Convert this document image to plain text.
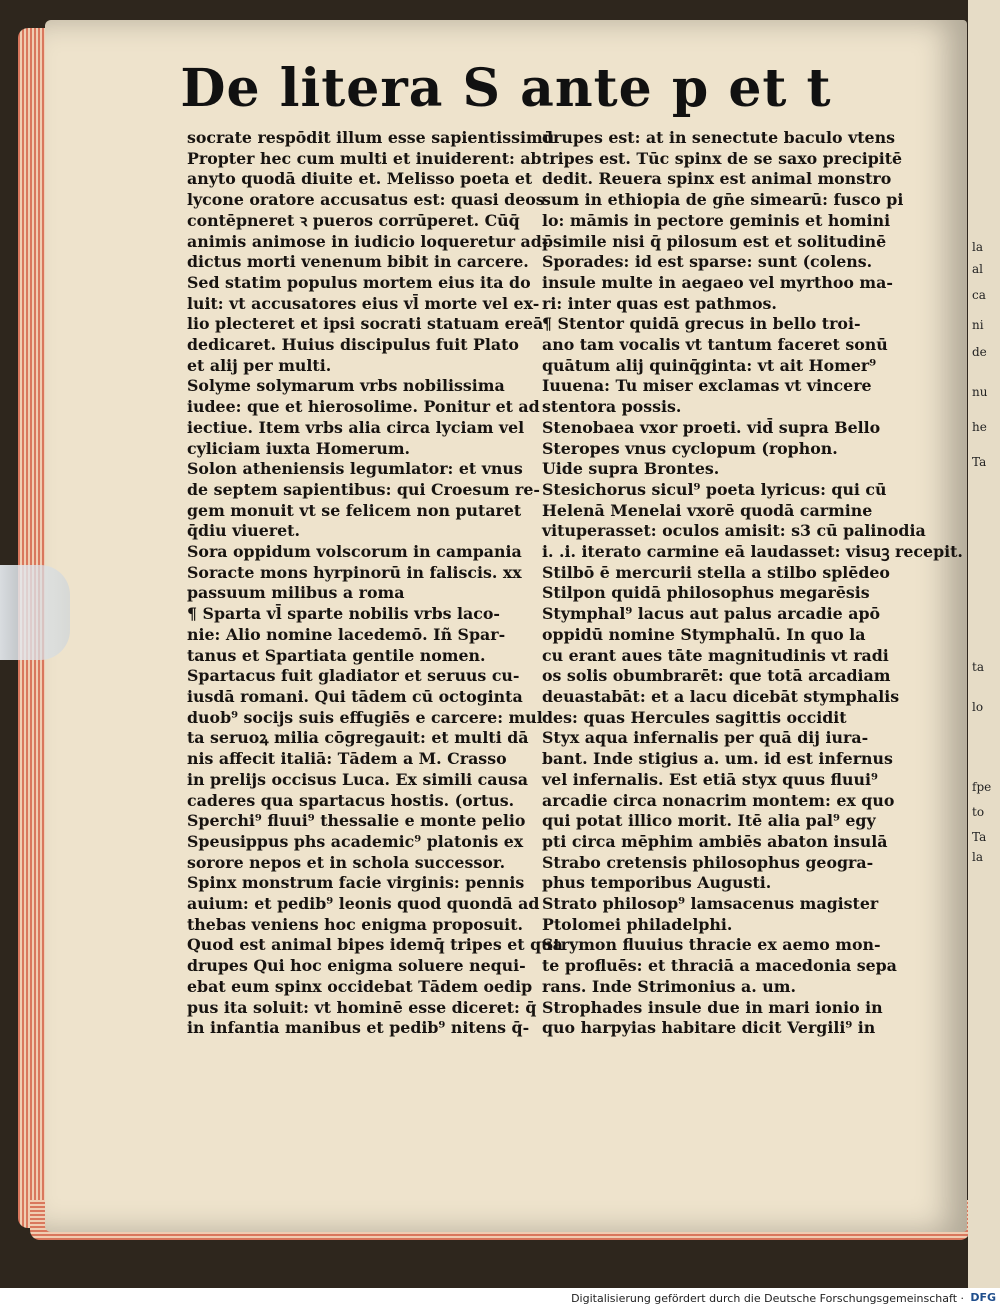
la
al
ca
ni
de
nu
he
Ta
ta
lo
fpe
to
Ta
la
De litera S ante p et t
socrate respōdit illum esse sapientissimū
Propter hec cum multi et inuiderent: ab
anyto quodā diuite et. Melisso poeta et
lycone oratore accusatus est: quasi deos
contēpneret ꝛ pueros corrūperet. Cūq̄
animis animose in iudicio loqueretur ad-
dictus morti venenum bibit in carcere.
Sed statim populus mortem eius ita do
luit: vt accusatores eius vl̄ morte vel ex-
lio plecteret et ipsi socrati statuam ereā
dedicaret. Huius discipulus fuit Plato
et alij per multi.
Solyme solymarum vrbs nobilissima
iudee: que et hierosolime. Ponitur et ad
iectiue. Item vrbs alia circa lyciam vel
cyliciam iuxta Homerum.
Solon atheniensis legumlator: et vnus
de septem sapientibus: qui Croesum re-
gem monuit vt se felicem non putaret
q̄diu viueret.
Sora oppidum volscorum in campania
Soracte mons hyrpinorū in faliscis. xx
passuum milibus a roma
¶ Sparta vl̄ sparte nobilis vrbs laco-
nie: Alio nomine lacedemō. Iñ Spar-
tanus et Spartiata gentile nomen.
Spartacus fuit gladiator et seruus cu-
iusdā romani. Qui tādem cū octoginta
duob⁹ socijs suis effugiēs e carcere: mul
ta seruoꝝ milia cōgregauit: et multi dā
nis affecit italiā: Tādem a M. Crasso
in prelijs occisus Luca. Ex simili causa
caderes qua spartacus hostis. (ortus.
Sperchi⁹ fluui⁹ thessalie e monte pelio
Speusippus phs academic⁹ platonis ex
sorore nepos et in schola successor.
Spinx monstrum facie virginis: pennis
auium: et pedib⁹ leonis quod quondā ad
thebas veniens hoc enigma proposuit.
Quod est animal bipes idemq̄ tripes et qua
drupes Qui hoc enigma soluere nequi-
ebat eum spinx occidebat Tādem oedip
pus ita soluit: vt hominē esse diceret: q̄
in infantia manibus et pedib⁹ nitens q̄-
drupes est: at in senectute baculo vtens
tripes est. Tūc spinx de se saxo precipitē
dedit. Reuera spinx est animal monstro
sum in ethiopia de gn̄e simearū: fusco pi
lo: māmis in pectore geminis et homini
p̄simile nisi q̄ pilosum est et solitudinē
Sporades: id est sparse: sunt (colens.
insule multe in aegaeo vel myrthoo ma-
ri: inter quas est pathmos.
¶ Stentor quidā grecus in bello troi-
ano tam vocalis vt tantum faceret sonū
quātum alij quinq̄ginta: vt ait Homer⁹
Iuuena: Tu miser exclamas vt vincere
stentora possis.
Stenobaea vxor proeti. vid̄ supra Bello
Steropes vnus cyclopum (rophon.
Uide supra Brontes.
Stesichorus sicul⁹ poeta lyricus: qui cū
Helenā Menelai vxorē quodā carmine
vituperasset: oculos amisit: s3 cū palinodia
i. .i. iterato carmine eā laudasset: visuꝫ recepit.
Stilbō ē mercurii stella a stilbo splēdeo
Stilpon quidā philosophus megarēsis
Stymphal⁹ lacus aut palus arcadie apō
oppidū nomine Stymphalū. In quo la
cu erant aues tāte magnitudinis vt radi
os solis obumbrarēt: que totā arcadiam
deuastabāt: et a lacu dicebāt stymphalis
des: quas Hercules sagittis occidit
Styx aqua infernalis per quā dij iura-
bant. Inde stigius a. um. id est infernus
vel infernalis. Est etiā styx quus fluui⁹
arcadie circa nonacrim montem: ex quo
qui potat illico morit. Itē alia pal⁹ egy
pti circa mēphim ambiēs abaton insulā
Strabo cretensis philosophus geogra-
phus temporibus Augusti.
Strato philosop⁹ lamsacenus magister
Ptolomei philadelphi.
Strymon fluuius thracie ex aemo mon-
te profluēs: et thraciā a macedonia sepa
rans. Inde Strimonius a. um.
Strophades insule due in mari ionio in
quo harpyias habitare dicit Vergili⁹ in
Digitalisierung gefördert durch die Deutsche Forschungsgemeinschaft · DFG
